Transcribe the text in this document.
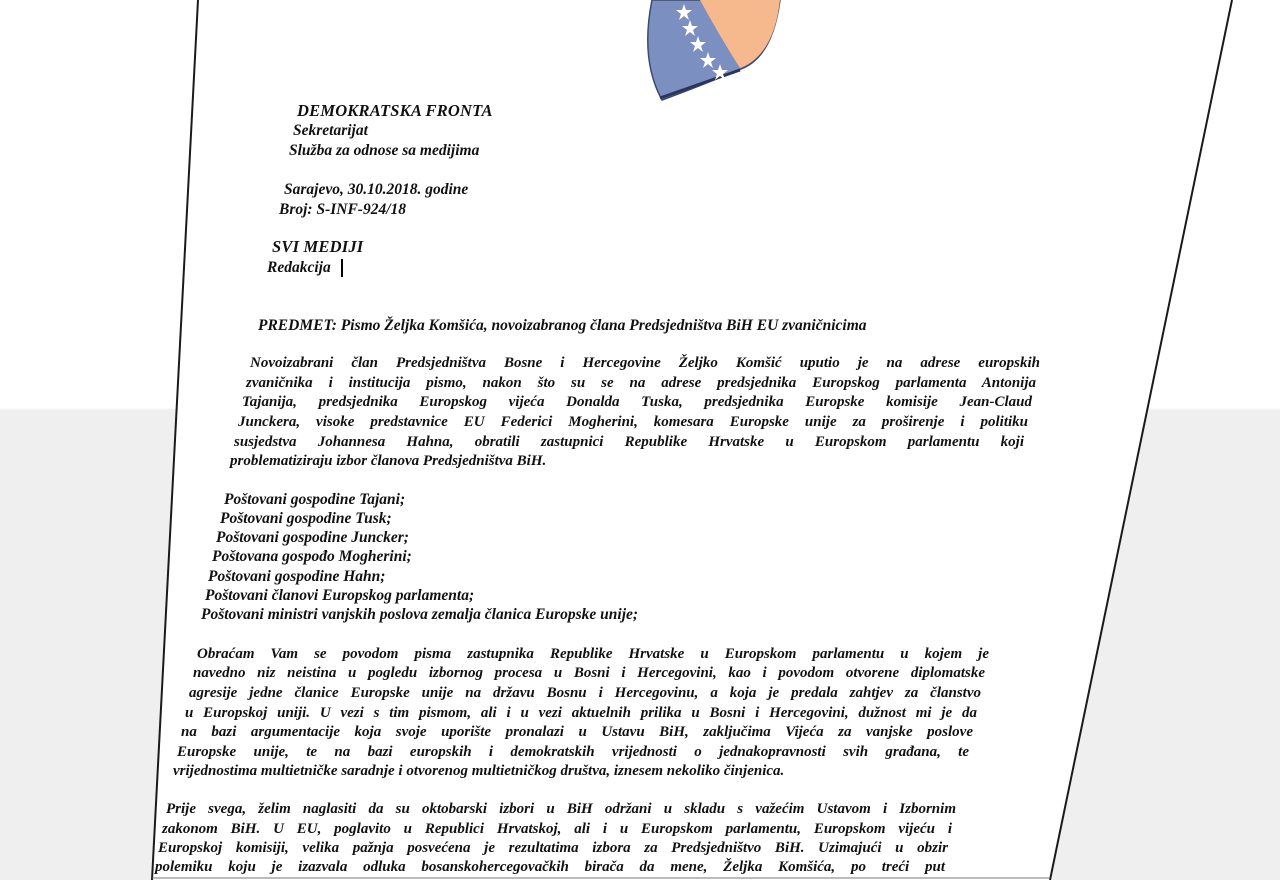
DEMOKRATSKA FRONTA
Sekretarijat
Služba za odnose sa medijima
Sarajevo, 30.10.2018. godine
Broj: S-INF-924/18
SVI MEDIJI
Redakcija
PREDMET: Pismo Željka Komšića, novoizabranog člana Predsjedništva BiH EU zvaničnicima
Novoizabrani član Predsjedništva Bosne i Hercegovine Željko Komšić uputio je na adrese europskih
zvaničnika i institucija pismo, nakon što su se na adrese predsjednika Europskog parlamenta Antonija
Tajanija, predsjednika Europskog vijeća Donalda Tuska, predsjednika Europske komisije Jean-Claud
Junckera, visoke predstavnice EU Federici Mogherini, komesara Europske unije za proširenje i politiku
susjedstva Johannesa Hahna, obratili zastupnici Republike Hrvatske u Europskom parlamentu koji
problematiziraju izbor članova Predsjedništva BiH.
Poštovani gospodine Tajani;
Poštovani gospodine Tusk;
Poštovani gospodine Juncker;
Poštovana gospođo Mogherini;
Poštovani gospodine Hahn;
Poštovani članovi Europskog parlamenta;
Poštovani ministri vanjskih poslova zemalja članica Europske unije;
Obraćam Vam se povodom pisma zastupnika Republike Hrvatske u Europskom parlamentu u kojem je
navedno niz neistina u pogledu izbornog procesa u Bosni i Hercegovini, kao i povodom otvorene diplomatske
agresije jedne članice Europske unije na državu Bosnu i Hercegovinu, a koja je predala zahtjev za članstvo
u Europskoj uniji. U vezi s tim pismom, ali i u vezi aktuelnih prilika u Bosni i Hercegovini, dužnost mi je da
na bazi argumentacije koja svoje uporište pronalazi u Ustavu BiH, zaključima Vijeća za vanjske poslove
Europske unije, te na bazi europskih i demokratskih vrijednosti o jednakopravnosti svih građana, te
vrijednostima multietničke saradnje i otvorenog multietničkog društva, iznesem nekoliko činjenica.
Prije svega, želim naglasiti da su oktobarski izbori u BiH održani u skladu s važećim Ustavom i Izbornim
zakonom BiH. U EU, poglavito u Republici Hrvatskoj, ali i u Europskom parlamentu, Europskom vijeću i
Europskoj komisiji, velika pažnja posvećena je rezultatima izbora za Predsjedništvo BiH. Uzimajući u obzir
polemiku koju je izazvala odluka bosanskohercegovačkih birača da mene, Željka Komšića, po treći put
